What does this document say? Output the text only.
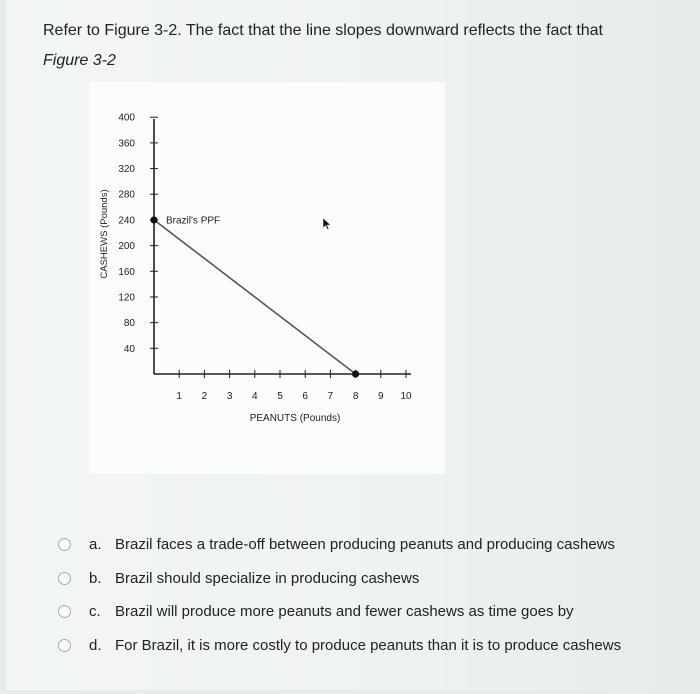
Refer to Figure 3-2. The fact that the line slopes downward reflects the fact that
Figure 3-2
40
80
120
160
200
240
280
320
360
400
1 2 3 4 5 6 7 8 9 10
PEANUTS (Pounds)
CASHEWS (Pounds)	Brazil's PPF
a. Brazil faces a trade-off between producing peanuts and producing cashews
b. Brazil should specialize in producing cashews
c. Brazil will produce more peanuts and fewer cashews as time goes by
d. For Brazil, it is more costly to produce peanuts than it is to produce cashews
